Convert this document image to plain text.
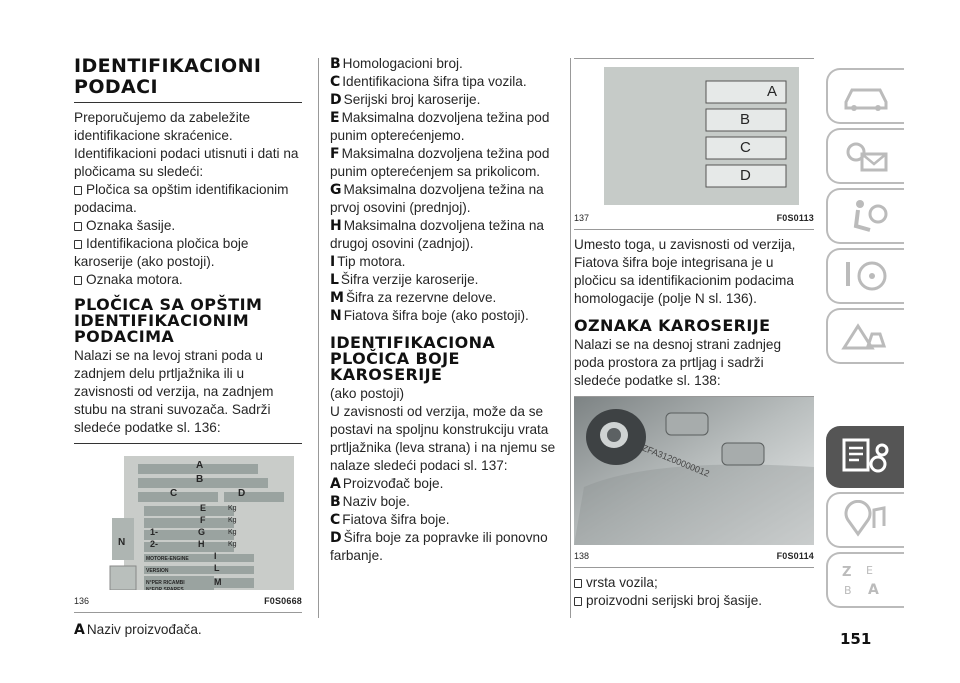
IDENTIFIKACIONI PODACI

Preporučujemo da zabeležite identifikacione skraćenice.

Identifikacioni podaci utisnuti i dati na pločicama su sledeći:

Pločica sa opštim identifikacionim podacima.

Oznaka šasije.

Identifikaciona pločica boje karoserije (ako postoji).

Oznaka motora.

PLOČICA SA OPŠTIM IDENTIFIKACIONIM PODACIMA

Nalazi se na levoj strani poda u zadnjem delu prtljažnika ili u zavisnosti od verzija, na zadnjem stubu na strani suvozača. Sadrži sledeće podatke sl. 136:

A
B
C	D
E
F
G
H
Kg
Kg
Kg
Kg
1-
2-
N
I
L
M
MOTORE-ENGINE
VERSION
N°PER RICAMBI
N°FOR SPARES
136	F0S0668

A Naziv proizvođača.

B Homologacioni broj.

C Identifikaciona šifra tipa vozila.

D Serijski broj karoserije.

E Maksimalna dozvoljena težina pod punim opterećenjemo.

F Maksimalna dozvoljena težina pod punim opterećenjem sa prikolicom.

G Maksimalna dozvoljena težina na prvoj osovini (prednjoj).

H Maksimalna dozvoljena težina na drugoj osovini (zadnjoj).

I Tip motora.

L Šifra verzije karoserije.

M Šifra za rezervne delove.

N Fiatova šifra boje (ako postoji).

IDENTIFIKACIONA PLOČICA BOJE KAROSERIJE

(ako postoji)

U zavisnosti od verzija, može da se postavi na spoljnu konstrukciju vrata prtljažnika (leva strana) i na njemu se nalaze sledeći podaci sl. 137:

A Proizvođač boje.

B Naziv boje.

C Fiatova šifra boje.

D Šifra boje za popravke ili ponovno farbanje.

A
B
C
D
137	F0S0113

Umesto toga, u zavisnosti od verzija, Fiatova šifra boje integrisana je u pločicu sa identifikacionim podacima homologacije (polje N sl. 136).

OZNAKA KAROSERIJE

Nalazi se na desnoj strani zadnjeg poda prostora za prtljag i sadrži sledeće podatke sl. 138:

ZFA31200000012
138	F0S0114

vrsta vozila;

proizvodni serijski broj šasije.

Z E
B A
151
